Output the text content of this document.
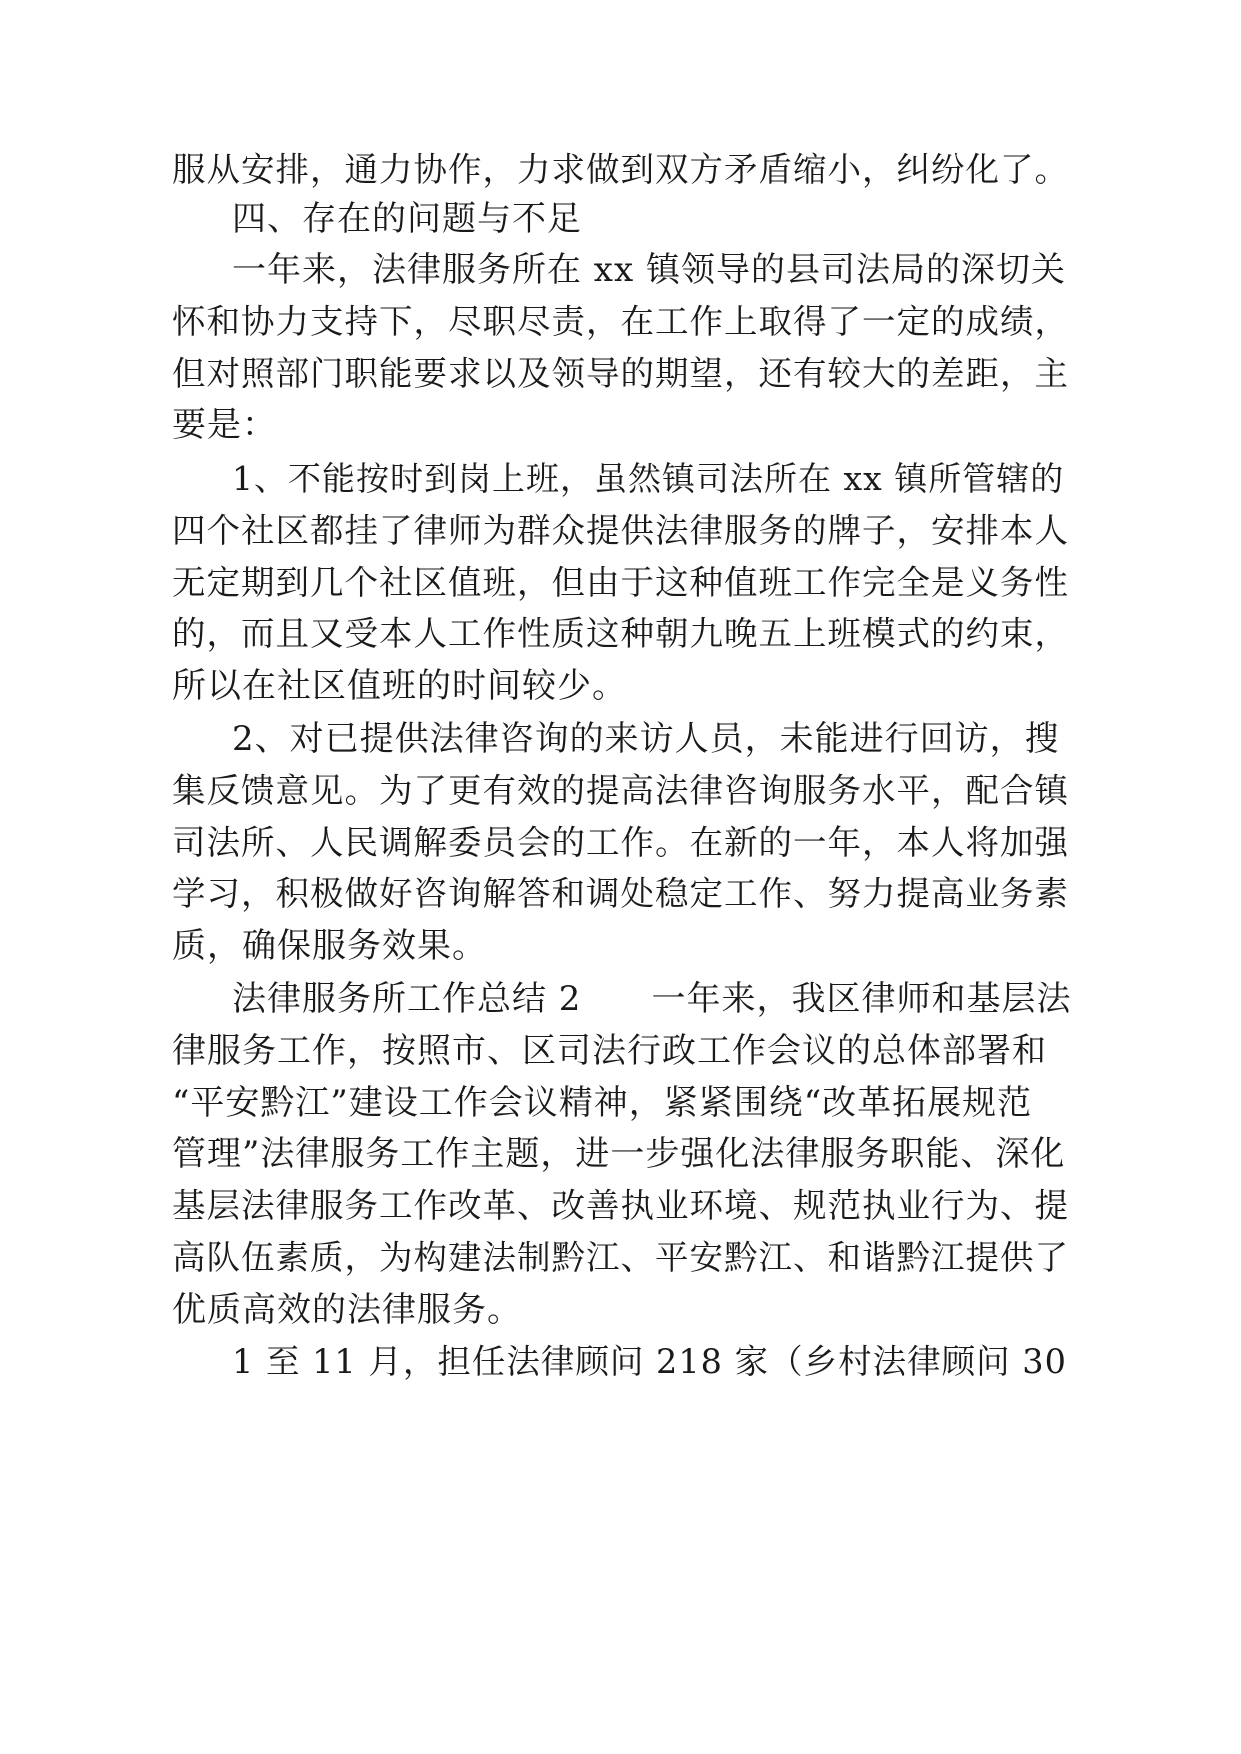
服从安排，通力协作，力求做到双方矛盾缩小，纠纷化了。
四、存在的问题与不足
一年来，法律服务所在 xx 镇领导的县司法局的深切关
怀和协力支持下，尽职尽责，在工作上取得了一定的成绩，
但对照部门职能要求以及领导的期望，还有较大的差距，主
要是：
1、不能按时到岗上班，虽然镇司法所在 xx 镇所管辖的
四个社区都挂了律师为群众提供法律服务的牌子，安排本人
无定期到几个社区值班，但由于这种值班工作完全是义务性
的，而且又受本人工作性质这种朝九晚五上班模式的约束，
所以在社区值班的时间较少。
2、对已提供法律咨询的来访人员，未能进行回访，搜
集反馈意见。为了更有效的提高法律咨询服务水平，配合镇
司法所、人民调解委员会的工作。在新的一年，本人将加强
学习，积极做好咨询解答和调处稳定工作、努力提高业务素
质，确保服务效果。
法律服务所工作总结 2　　一年来，我区律师和基层法
律服务工作，按照市、区司法行政工作会议的总体部署和
“平安黔江”建设工作会议精神，紧紧围绕“改革拓展规范
管理”法律服务工作主题，进一步强化法律服务职能、深化
基层法律服务工作改革、改善执业环境、规范执业行为、提
高队伍素质，为构建法制黔江、平安黔江、和谐黔江提供了
优质高效的法律服务。
1 至 11 月，担任法律顾问 218 家（乡村法律顾问 30
